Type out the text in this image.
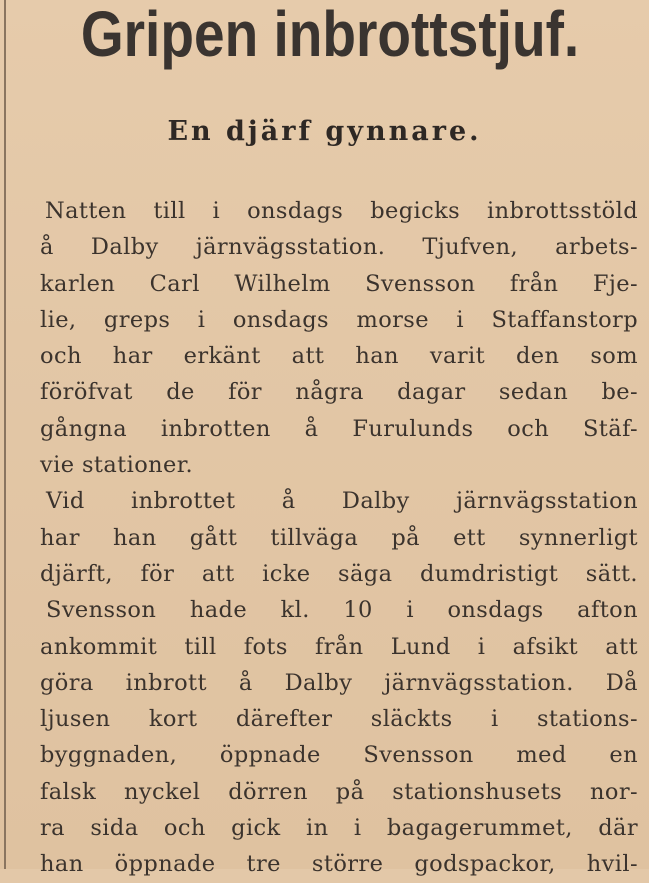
Gripen inbrottstjuf.
En djärf gynnare.
Natten till i onsdags begicks inbrottsstöld
å Dalby järnvägsstation. Tjufven, arbets-
karlen Carl Wilhelm Svensson från Fje-
lie, greps i onsdags morse i Staffanstorp
och har erkänt att han varit den som
föröfvat de för några dagar sedan be-
gångna inbrotten å Furulunds och Stäf-
vie stationer.
Vid inbrottet å Dalby järnvägsstation
har han gått tillväga på ett synnerligt
djärft, för att icke säga dumdristigt sätt.
Svensson hade kl. 10 i onsdags afton
ankommit till fots från Lund i afsikt att
göra inbrott å Dalby järnvägsstation. Då
ljusen kort därefter släckts i stations-
byggnaden, öppnade Svensson med en
falsk nyckel dörren på stationshusets nor-
ra sida och gick in i bagagerummet, där
han öppnade tre större godspackor, hvil-
